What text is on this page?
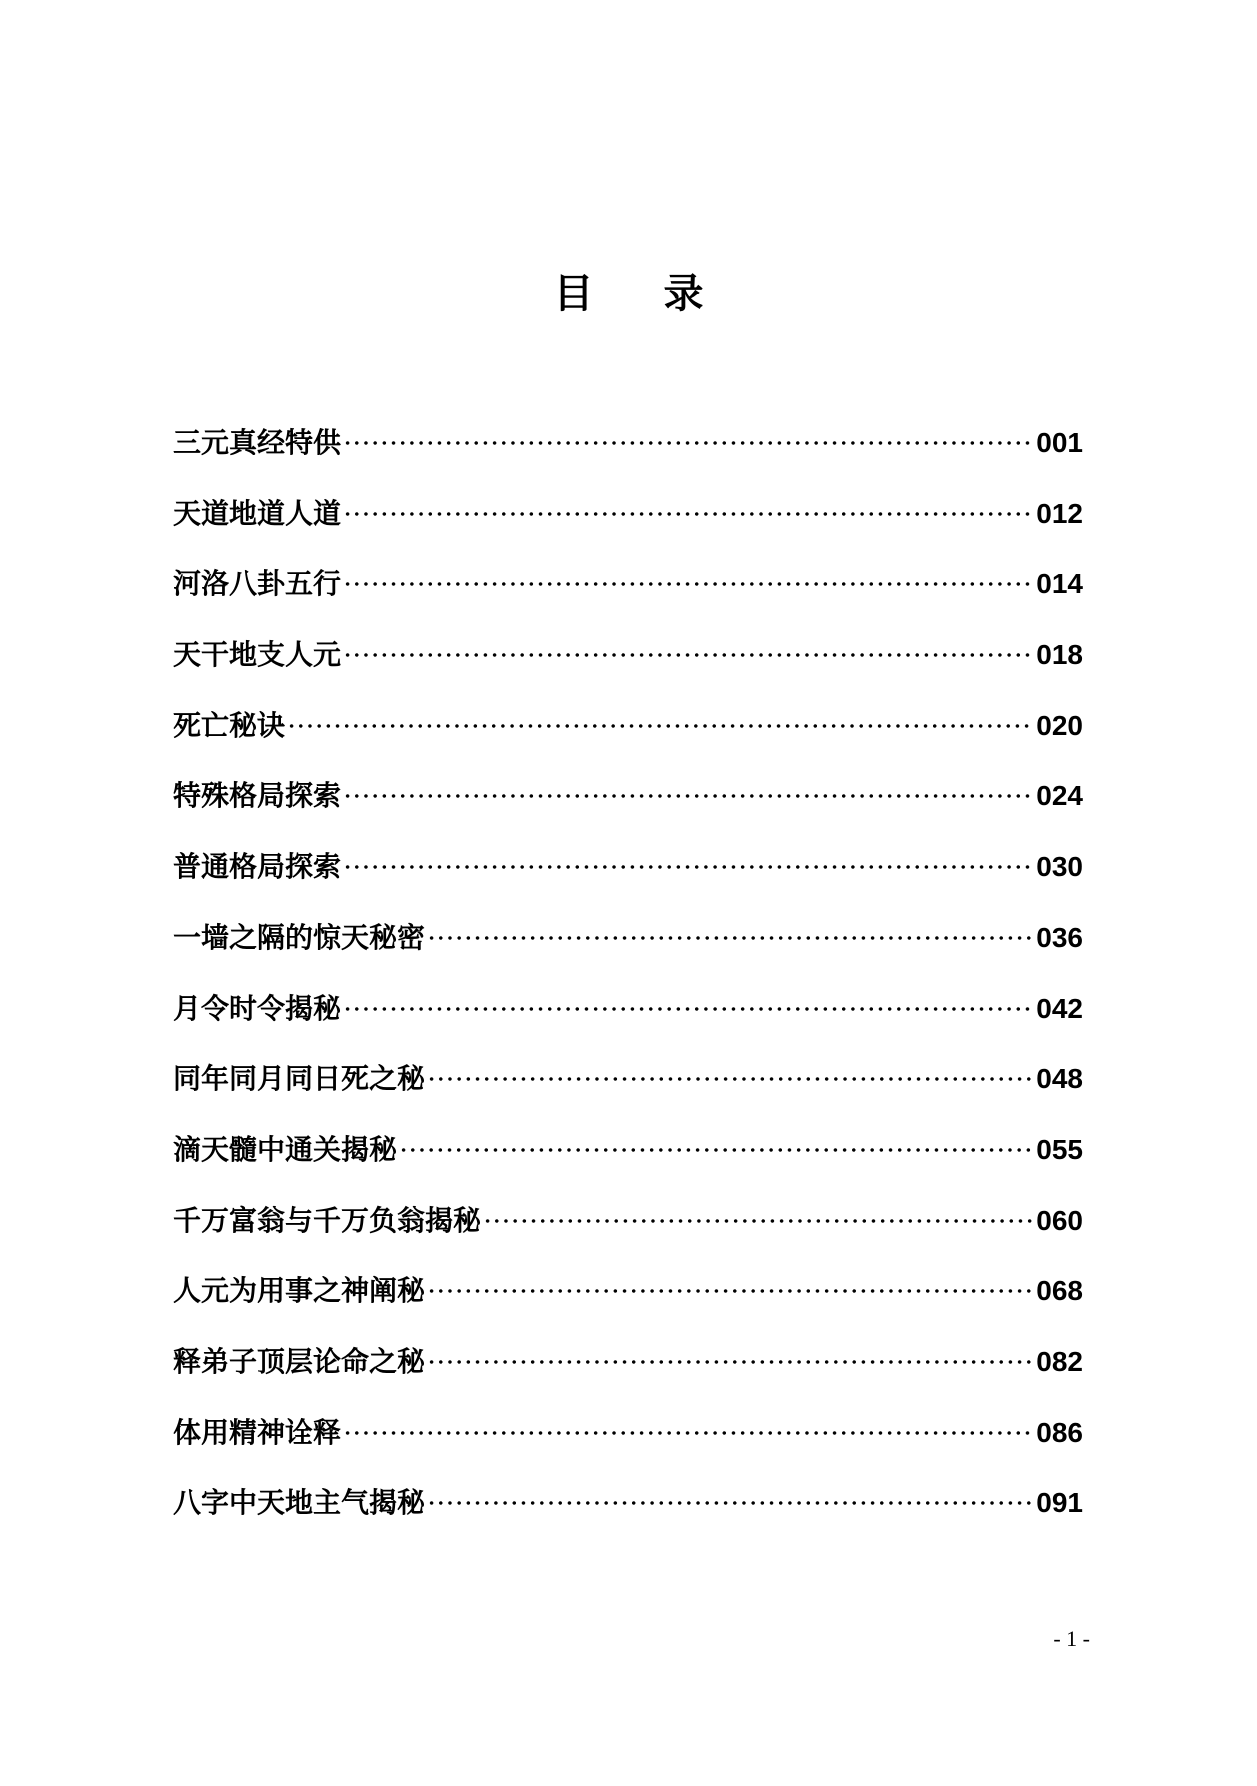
目 录
三元真经特供	001
天道地道人道	012
河洛八卦五行	014
天干地支人元	018
死亡秘诀	020
特殊格局探索	024
普通格局探索	030
一墙之隔的惊天秘密	036
月令时令揭秘	042
同年同月同日死之秘	048
滴天髓中通关揭秘	055
千万富翁与千万负翁揭秘	060
人元为用事之神阐秘	068
释弟子顶层论命之秘	082
体用精神诠释	086
八字中天地主气揭秘	091
- 1 -
